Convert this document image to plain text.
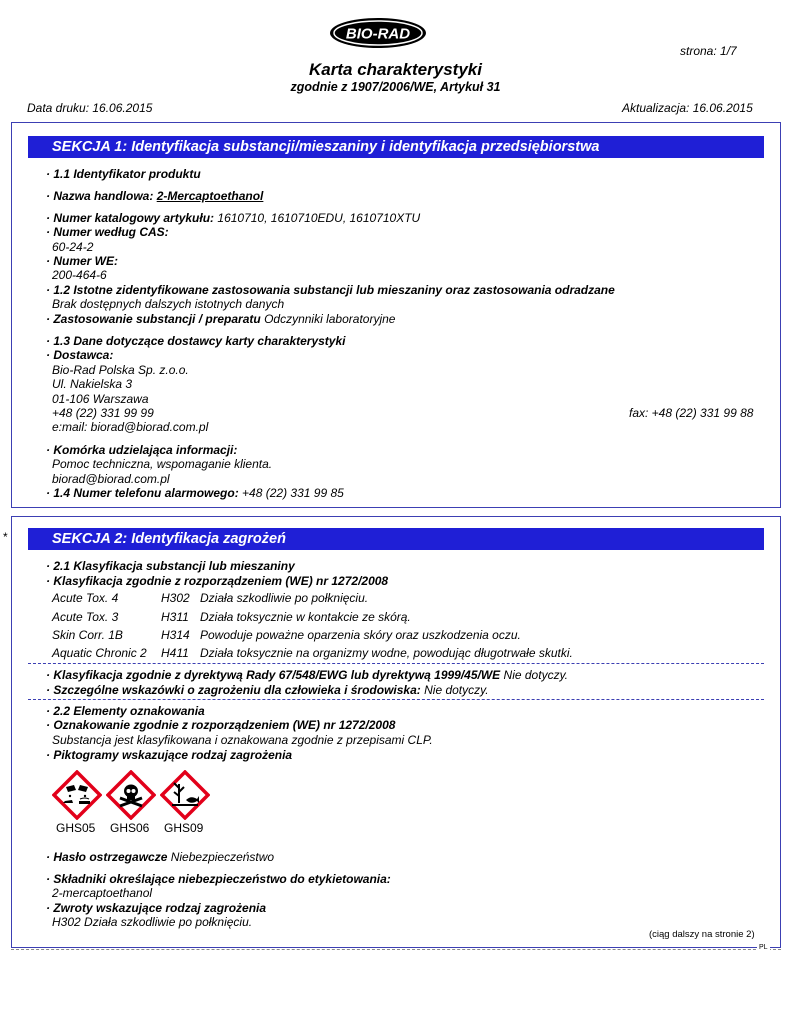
BIO-RAD
strona: 1/7
Karta charakterystyki
zgodnie z 1907/2006/WE, Artykuł 31
Data druku: 16.06.2015	Aktualizacja: 16.06.2015
SEKCJA 1: Identyfikacja substancji/mieszaniny i identyfikacja przedsiębiorstwa
· 1.1 Identyfikator produktu
· Nazwa handlowa: 2-Mercaptoethanol
· Numer katalogowy artykułu: 1610710, 1610710EDU, 1610710XTU
· Numer według CAS:
60-24-2
· Numer WE:
200-464-6
· 1.2 Istotne zidentyfikowane zastosowania substancji lub mieszaniny oraz zastosowania odradzane
Brak dostępnych dalszych istotnych danych
· Zastosowanie substancji / preparatu Odczynniki laboratoryjne
· 1.3 Dane dotyczące dostawcy karty charakterystyki
· Dostawca:
Bio-Rad Polska Sp. z.o.o.
Ul. Nakielska 3
01-106 Warszawa
+48 (22) 331 99 99	fax: +48 (22) 331 99 88
e:mail: biorad@biorad.com.pl
· Komórka udzielająca informacji:
Pomoc techniczna, wspomaganie klienta.
biorad@biorad.com.pl
· 1.4 Numer telefonu alarmowego: +48 (22) 331 99 85
*	SEKCJA 2: Identyfikacja zagrożeń
· 2.1 Klasyfikacja substancji lub mieszaniny
· Klasyfikacja zgodnie z rozporządzeniem (WE) nr 1272/2008
Acute Tox. 4	H302 Działa szkodliwie po połknięciu.
Acute Tox. 3	H311 Działa toksycznie w kontakcie ze skórą.
Skin Corr. 1B	H314 Powoduje poważne oparzenia skóry oraz uszkodzenia oczu.
Aquatic Chronic 2 H411 Działa toksycznie na organizmy wodne, powodując długotrwałe skutki.
· Klasyfikacja zgodnie z dyrektywą Rady 67/548/EWG lub dyrektywą 1999/45/WE Nie dotyczy.
· Szczególne wskazówki o zagrożeniu dla człowieka i środowiska: Nie dotyczy.
· 2.2 Elementy oznakowania
· Oznakowanie zgodnie z rozporządzeniem (WE) nr 1272/2008
Substancja jest klasyfikowana i oznakowana zgodnie z przepisami CLP.
· Piktogramy wskazujące rodzaj zagrożenia
GHS05 GHS06 GHS09
· Hasło ostrzegawcze Niebezpieczeństwo
· Składniki określające niebezpieczeństwo do etykietowania:
2-mercaptoethanol
· Zwroty wskazujące rodzaj zagrożenia
H302 Działa szkodliwie po połknięciu.
(ciąg dalszy na stronie 2)
PL
